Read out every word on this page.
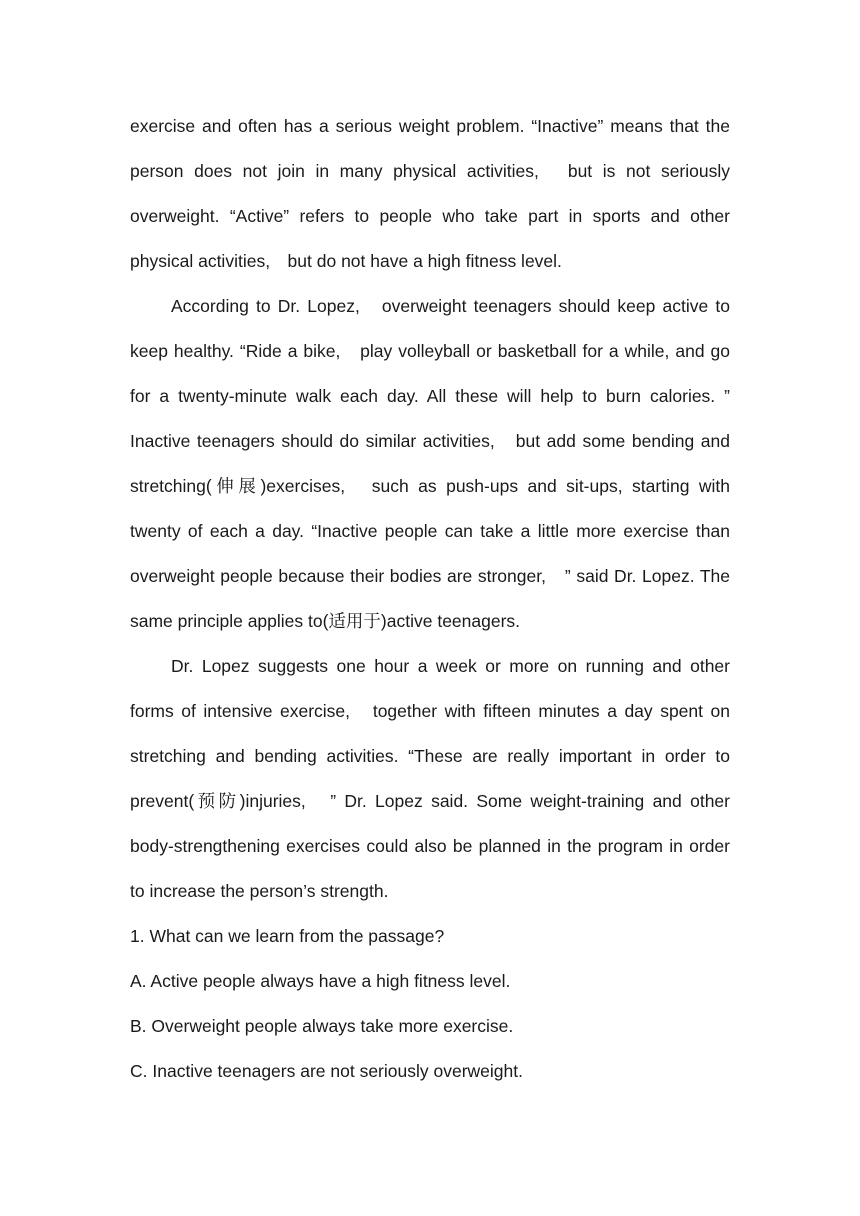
exercise and often has a serious weight problem. “Inactive” means that the person does not join in many physical activities,　but is not seriously overweight. “Active” refers to people who take part in sports and other physical activities,　but do not have a high fitness level.

According to Dr. Lopez,　overweight teenagers should keep active to keep healthy. “Ride a bike,　play volleyball or basketball for a while, and go for a twenty-minute walk each day. All these will help to burn calories. ” Inactive teenagers should do similar activities,　but add some bending and stretching(伸展)exercises,　such as push-ups and sit-ups, starting with twenty of each a day. “Inactive people can take a little more exercise than overweight people because their bodies are stronger,　” said Dr. Lopez. The same principle applies to(适用于)active teenagers.

Dr. Lopez suggests one hour a week or more on running and other forms of intensive exercise,　together with fifteen minutes a day spent on stretching and bending activities. “These are really important in order to prevent(预防)injuries,　” Dr. Lopez said. Some weight-training and other body-strengthening exercises could also be planned in the program in order to increase the person’s strength.

1. What can we learn from the passage?

A. Active people always have a high fitness level.

B. Overweight people always take more exercise.

C. Inactive teenagers are not seriously overweight.
